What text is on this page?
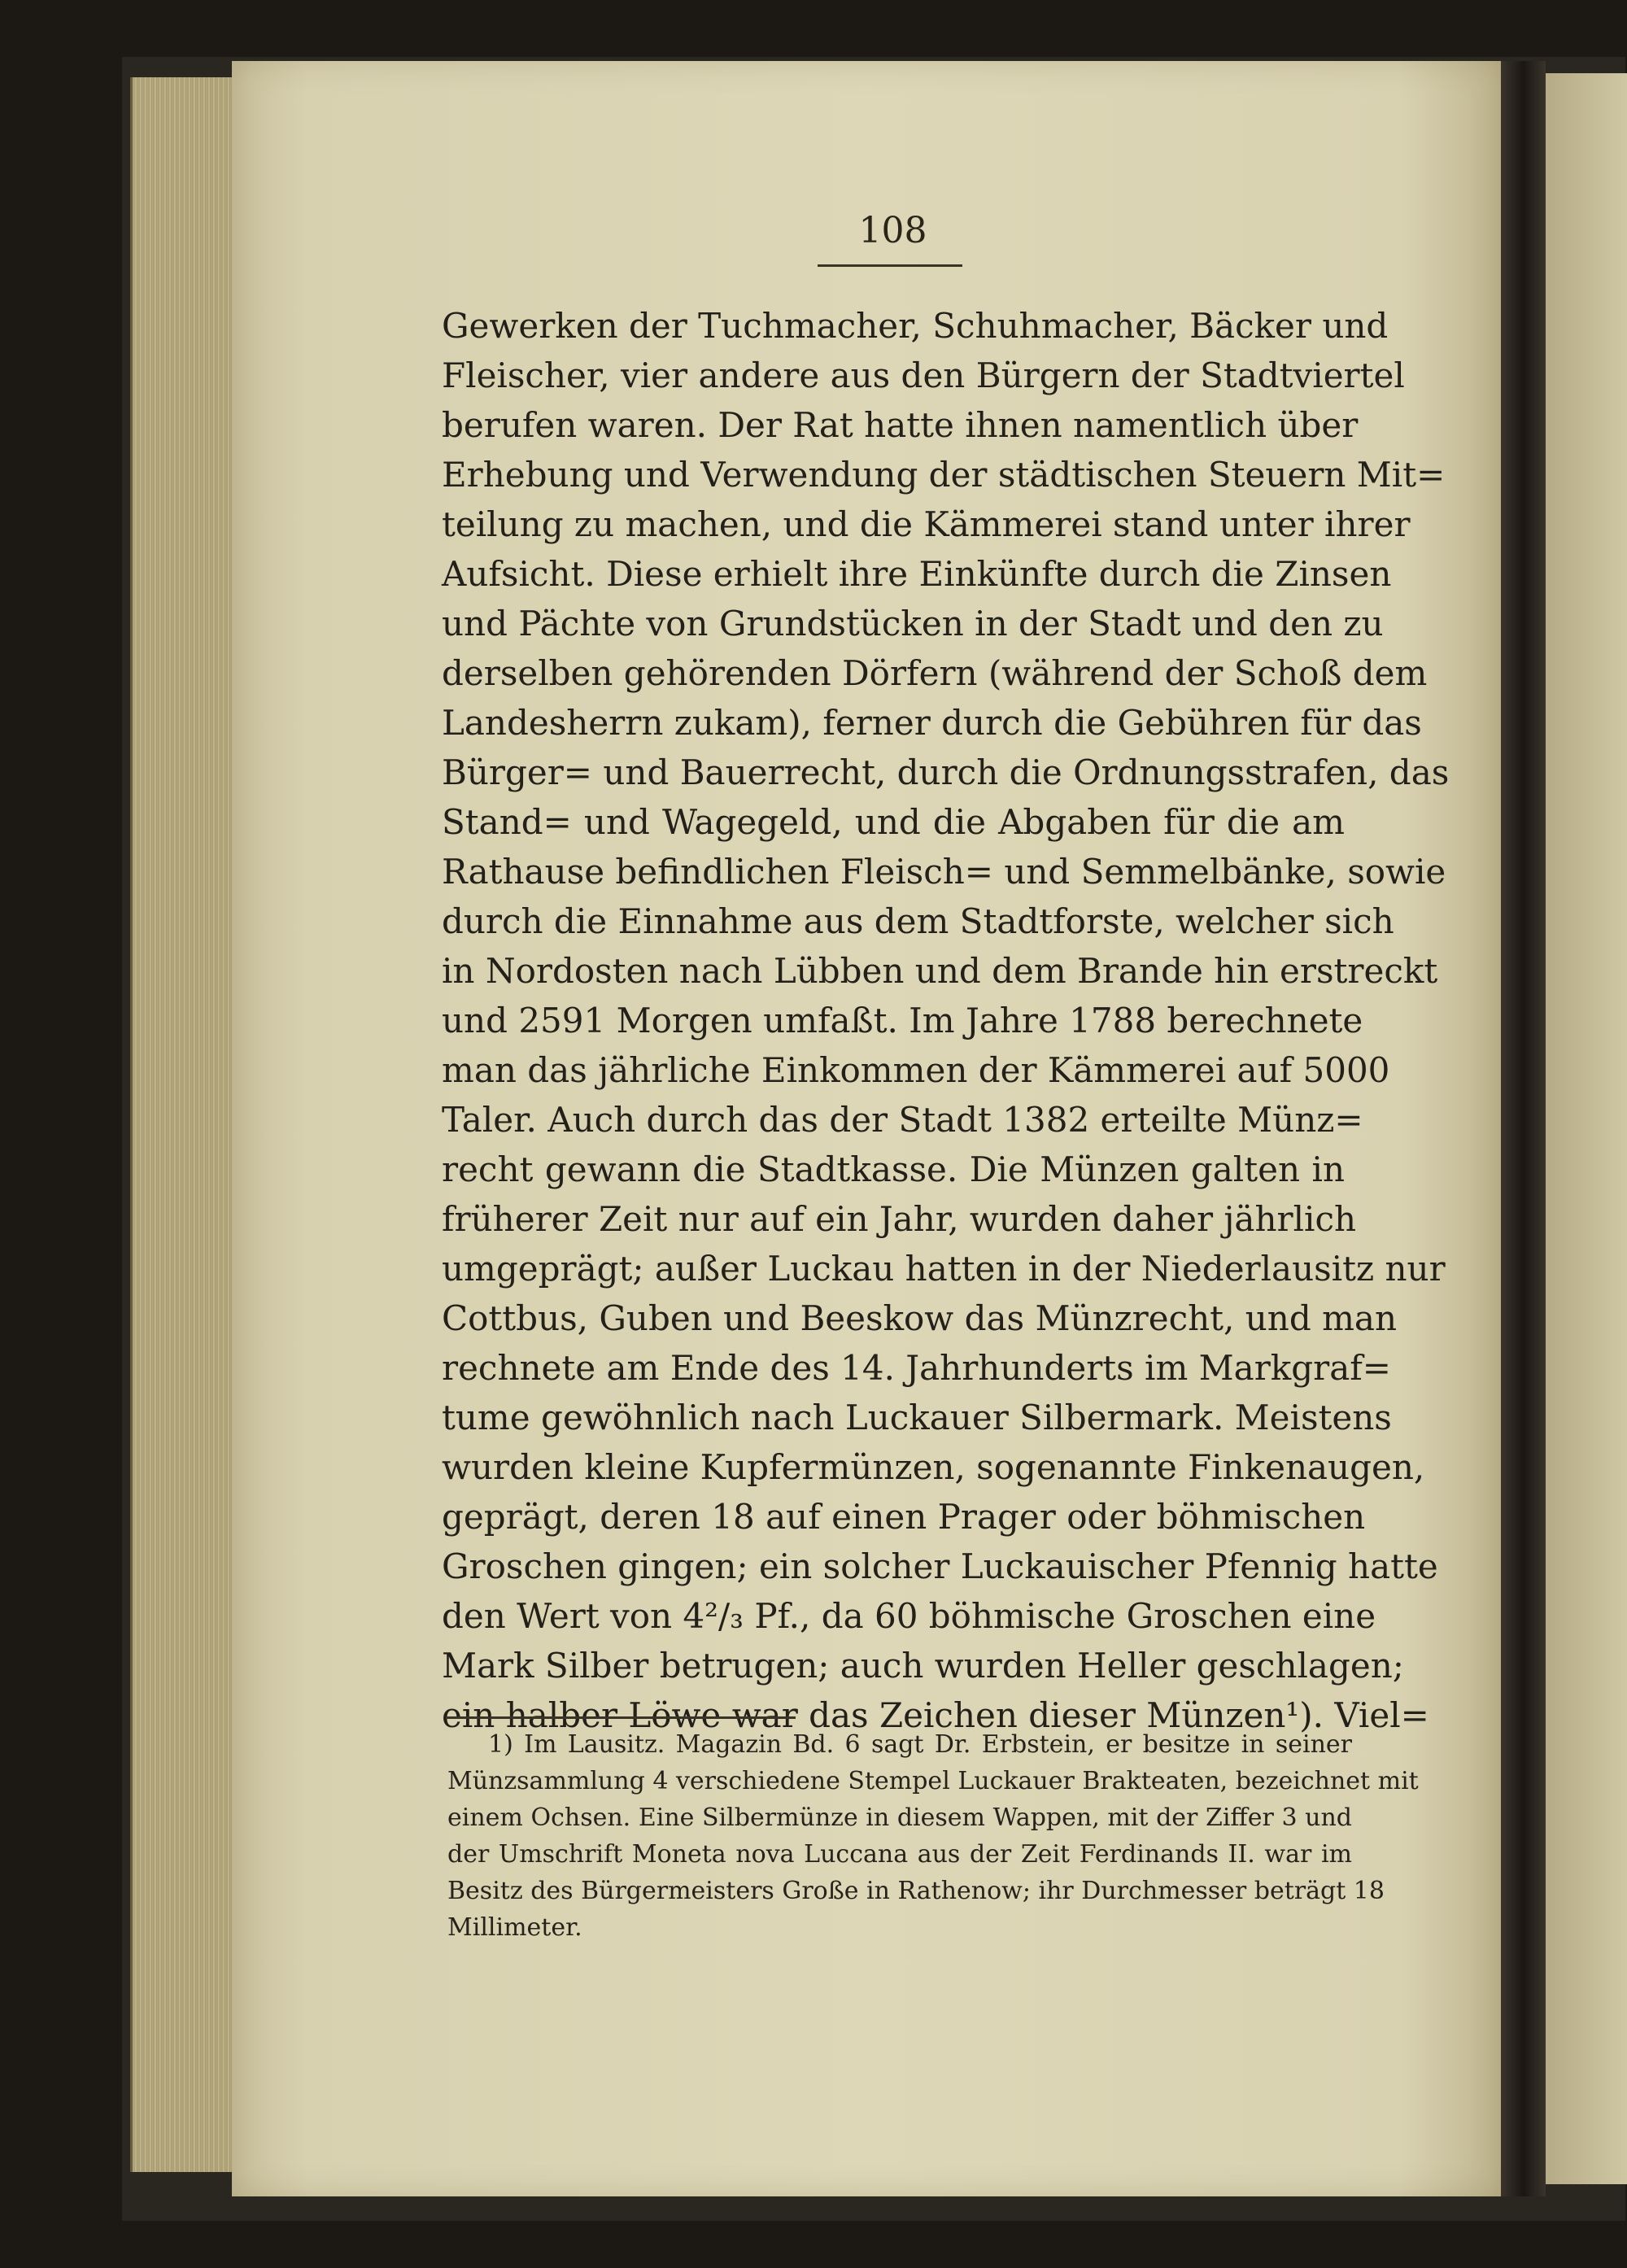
108
Gewerken der Tuchmacher, Schuhmacher, Bäcker und
Fleischer, vier andere aus den Bürgern der Stadtviertel
berufen waren. Der Rat hatte ihnen namentlich über
Erhebung und Verwendung der städtischen Steuern Mit=
teilung zu machen, und die Kämmerei stand unter ihrer
Aufsicht. Diese erhielt ihre Einkünfte durch die Zinsen
und Pächte von Grundstücken in der Stadt und den zu
derselben gehörenden Dörfern (während der Schoß dem
Landesherrn zukam), ferner durch die Gebühren für das
Bürger= und Bauerrecht, durch die Ordnungsstrafen, das
Stand= und Wagegeld, und die Abgaben für die am
Rathause befindlichen Fleisch= und Semmelbänke, sowie
durch die Einnahme aus dem Stadtforste, welcher sich
in Nordosten nach Lübben und dem Brande hin erstreckt
und 2591 Morgen umfaßt. Im Jahre 1788 berechnete
man das jährliche Einkommen der Kämmerei auf 5000
Taler. Auch durch das der Stadt 1382 erteilte Münz=
recht gewann die Stadtkasse. Die Münzen galten in
früherer Zeit nur auf ein Jahr, wurden daher jährlich
umgeprägt; außer Luckau hatten in der Niederlausitz nur
Cottbus, Guben und Beeskow das Münzrecht, und man
rechnete am Ende des 14. Jahrhunderts im Markgraf=
tume gewöhnlich nach Luckauer Silbermark. Meistens
wurden kleine Kupfermünzen, sogenannte Finkenaugen,
geprägt, deren 18 auf einen Prager oder böhmischen
Groschen gingen; ein solcher Luckauischer Pfennig hatte
den Wert von 4²/₃ Pf., da 60 böhmische Groschen eine
Mark Silber betrugen; auch wurden Heller geschlagen;
ein halber Löwe war das Zeichen dieser Münzen¹). Viel=
1) Im Lausitz. Magazin Bd. 6 sagt Dr. Erbstein, er besitze in seiner
Münzsammlung 4 verschiedene Stempel Luckauer Brakteaten, bezeichnet mit
einem Ochsen. Eine Silbermünze in diesem Wappen, mit der Ziffer 3 und
der Umschrift Moneta nova Luccana aus der Zeit Ferdinands II. war im
Besitz des Bürgermeisters Große in Rathenow; ihr Durchmesser beträgt 18
Millimeter.
